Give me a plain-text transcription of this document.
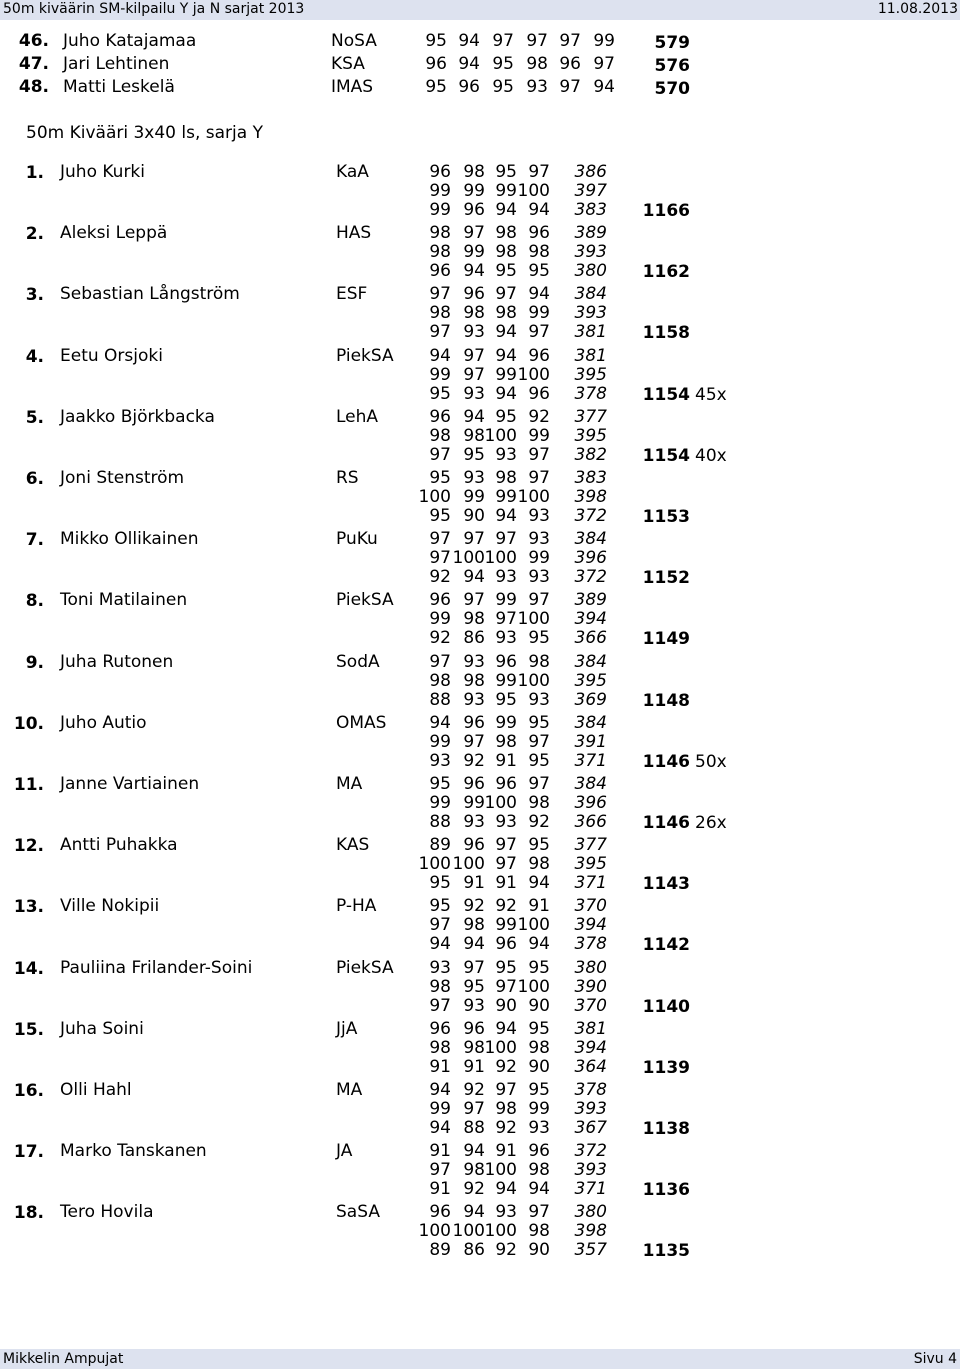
50m kiväärin SM-kilpailu Y ja N sarjat 2013	11.08.2013
46. Juho Katajamaa	NoSA	95 94 97 97 97 99	579
47. Jari Lehtinen	KSA	96 94 95 98 96 97	576
48. Matti Leskelä	IMAS	95 96 95 93 97 94	570
50m Kivääri 3x40 ls, sarja Y
1. Juho Kurki	KaA	96 98 95 97	386
99 99 99 100	397
99 96 94 94	383	1166
2. Aleksi Leppä	HAS	98 97 98 96	389
98 99 98 98	393
96 94 95 95	380	1162
3. Sebastian Långström	ESF	97 96 97 94	384
98 98 98 99	393
97 93 94 97	381	1158
4. Eetu Orsjoki	PiekSA	94 97 94 96	381
99 97 99 100	395
95 93 94 96	378	1154 45x
5. Jaakko Björkbacka	LehA	96 94 95 92	377
98 98 100 99	395
97 95 93 97	382	1154 40x
6. Joni Stenström	RS	95 93 98 97	383
100 99 99 100	398
95 90 94 93	372	1153
7. Mikko Ollikainen	PuKu	97 97 97 93	384
97 100 100 99	396
92 94 93 93	372	1152
8. Toni Matilainen	PiekSA	96 97 99 97	389
99 98 97 100	394
92 86 93 95	366	1149
9. Juha Rutonen	SodA	97 93 96 98	384
98 98 99 100	395
88 93 95 93	369	1148
10. Juho Autio	OMAS	94 96 99 95	384
99 97 98 97	391
93 92 91 95	371	1146 50x
11. Janne Vartiainen	MA	95 96 96 97	384
99 99 100 98	396
88 93 93 92	366	1146 26x
12. Antti Puhakka	KAS	89 96 97 95	377
100 100 97 98	395
95 91 91 94	371	1143
13. Ville Nokipii	P-HA	95 92 92 91	370
97 98 99 100	394
94 94 96 94	378	1142
14. Pauliina Frilander-Soini	PiekSA	93 97 95 95	380
98 95 97 100	390
97 93 90 90	370	1140
15. Juha Soini	JjA	96 96 94 95	381
98 98 100 98	394
91 91 92 90	364	1139
16. Olli Hahl	MA	94 92 97 95	378
99 97 98 99	393
94 88 92 93	367	1138
17. Marko Tanskanen	JA	91 94 91 96	372
97 98 100 98	393
91 92 94 94	371	1136
18. Tero Hovila	SaSA	96 94 93 97	380
100 100 100 98	398
89 86 92 90	357	1135
Mikkelin Ampujat	Sivu 4
